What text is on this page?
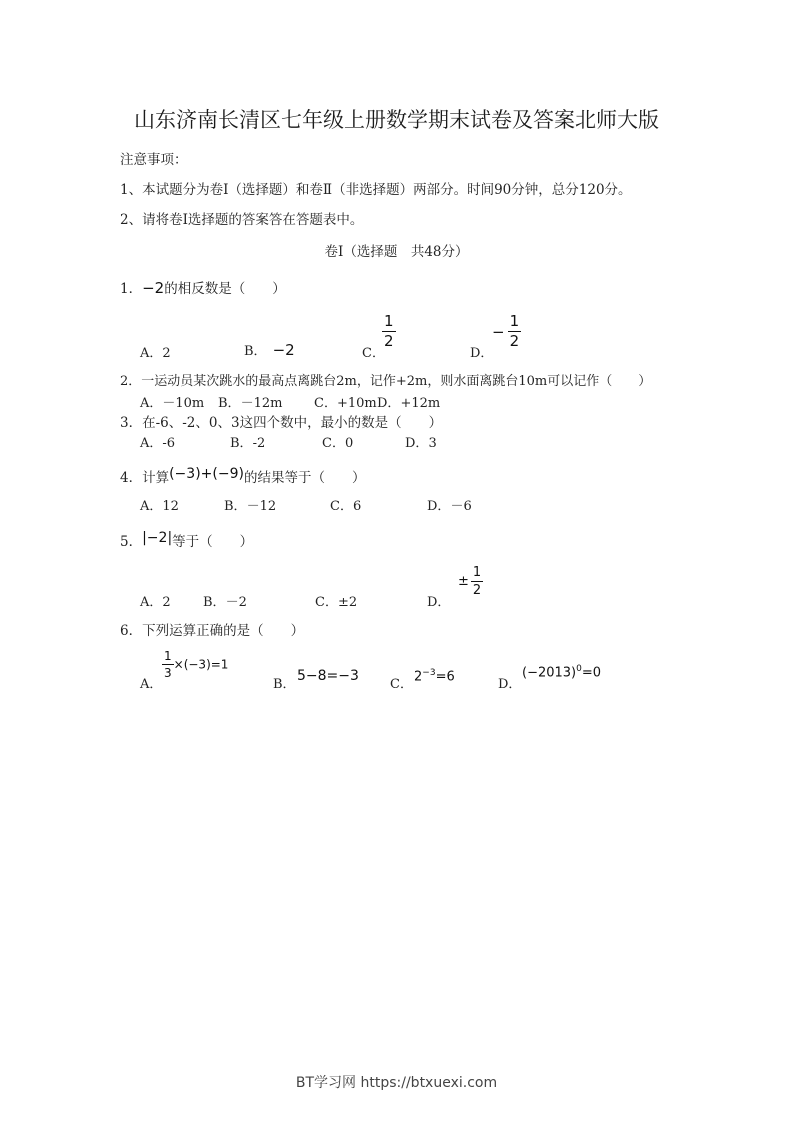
山东济南长清区七年级上册数学期末试卷及答案北师大版
注意事项：
1、本试题分为卷Ⅰ（选择题）和卷Ⅱ（非选择题）两部分。时间90分钟，总分120分。
2、请将卷Ⅰ选择题的答案答在答题表中。
卷Ⅰ（选择题　共48分）
1．−2的相反数是（　　）
A．2	B． −2	C．
$\frac{1}{2}$
D．
− $\frac{1}{2}$
2．一运动员某次跳水的最高点离跳台2m，记作+2m，则水面离跳台10m可以记作（　　）
A．－10m B．－12m C．+10m D．+12m
3．在-6、-2、0、3这四个数中，最小的数是（　　）
A．-6	B．-2	C．0	D．3
4．计算(−3)+(−9)的结果等于（　　）
A．12	B．－12	C．6	D．－6
5．|−2|等于（　　）
A．2 B．－2	C．±2	D．
± $\frac{1}{2}$
6．下列运算正确的是（　　）
A．
$\frac{1}{3} \times(-3)=1$
B．
5−8=−3
C．
$2^{-3}=6$
D．
$(-2013)^0=0$
BT学习网 https://btxuexi.com
